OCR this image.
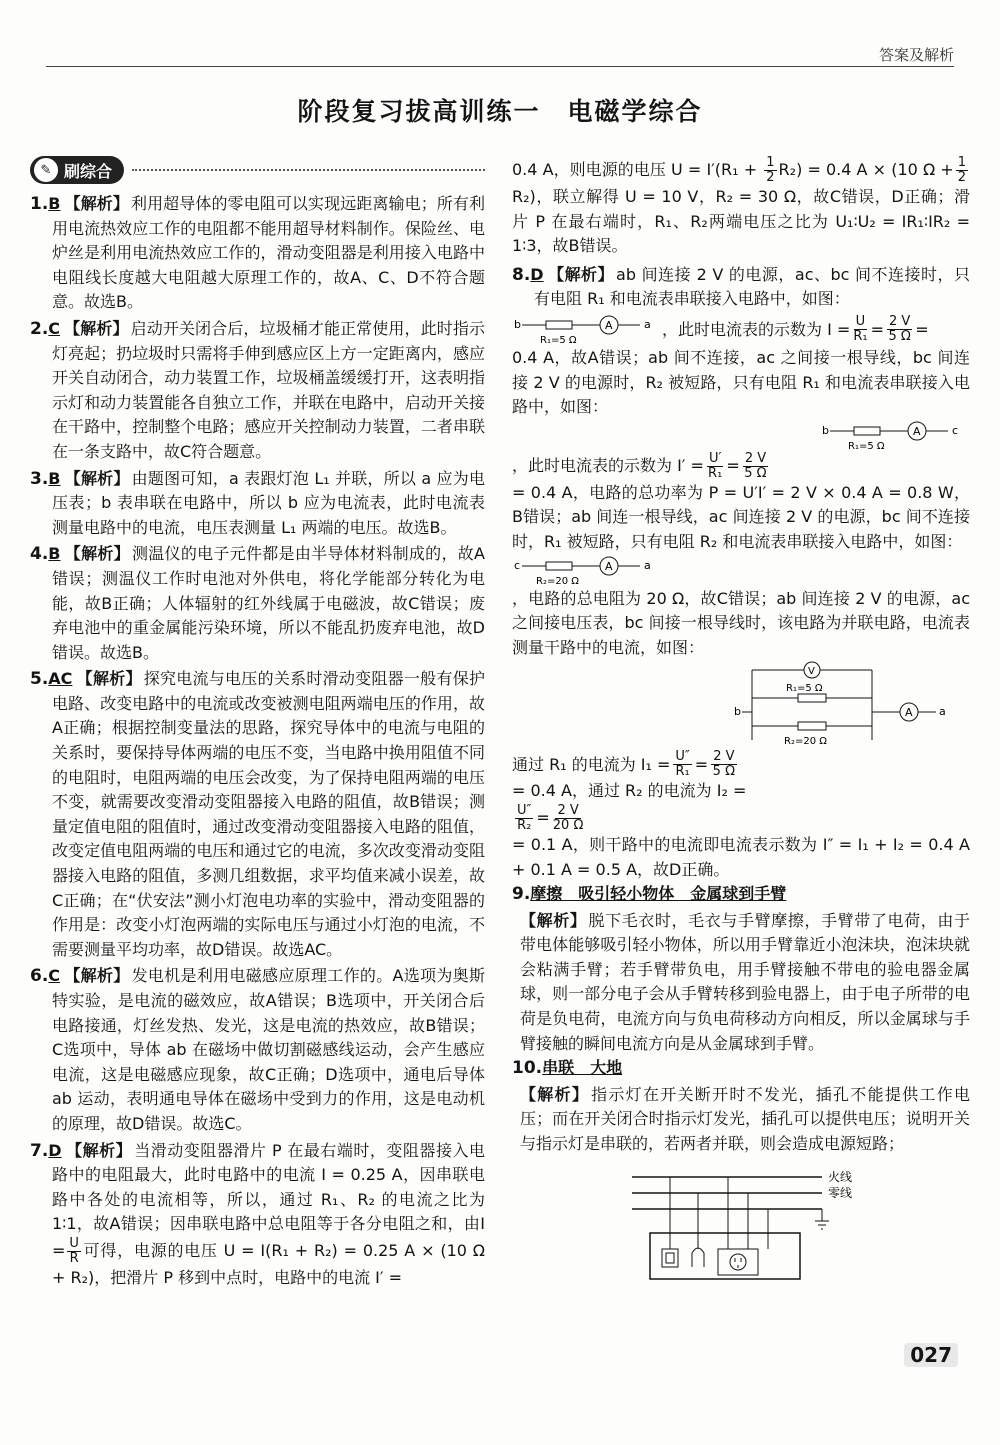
答案及解析
阶段复习拔高训练一　电磁学综合
✎ 刷综合
1.B 【解析】 利用超导体的零电阻可以实现远距离输电；所有利用电流热效应工作的电阻都不能用超导材料制作。保险丝、电炉丝是利用电流热效应工作的，滑动变阻器是利用接入电路中电阻线长度越大电阻越大原理工作的，故A、C、D不符合题意。故选B。
2.C 【解析】 启动开关闭合后，垃圾桶才能正常使用，此时指示灯亮起；扔垃圾时只需将手伸到感应区上方一定距离内，感应开关自动闭合，动力装置工作，垃圾桶盖缓缓打开，这表明指示灯和动力装置能各自独立工作，并联在电路中，启动开关接在干路中，控制整个电路；感应开关控制动力装置，二者串联在一条支路中，故C符合题意。
3.B 【解析】 由题图可知，a 表跟灯泡 L₁ 并联，所以 a 应为电压表；b 表串联在电路中，所以 b 应为电流表，此时电流表测量电路中的电流，电压表测量 L₁ 两端的电压。故选B。
4.B 【解析】 测温仪的电子元件都是由半导体材料制成的，故A错误；测温仪工作时电池对外供电，将化学能部分转化为电能，故B正确；人体辐射的红外线属于电磁波，故C错误；废弃电池中的重金属能污染环境，所以不能乱扔废弃电池，故D错误。故选B。
5.AC 【解析】 探究电流与电压的关系时滑动变阻器一般有保护电路、改变电路中的电流或改变被测电阻两端电压的作用，故A正确；根据控制变量法的思路，探究导体中的电流与电阻的关系时，要保持导体两端的电压不变，当电路中换用阻值不同的电阻时，电阻两端的电压会改变，为了保持电阻两端的电压不变，就需要改变滑动变阻器接入电路的阻值，故B错误；测量定值电阻的阻值时，通过改变滑动变阻器接入电路的阻值，改变定值电阻两端的电压和通过它的电流，多次改变滑动变阻器接入电路的阻值，多测几组数据，求平均值来减小误差，故C正确；在“伏安法”测小灯泡电功率的实验中，滑动变阻器的作用是：改变小灯泡两端的实际电压与通过小灯泡的电流，不需要测量平均功率，故D错误。故选AC。
6.C 【解析】 发电机是利用电磁感应原理工作的。A选项为奥斯特实验，是电流的磁效应，故A错误；B选项中，开关闭合后电路接通，灯丝发热、发光，这是电流的热效应，故B错误；C选项中，导体 ab 在磁场中做切割磁感线运动，会产生感应电流，这是电磁感应现象，故C正确；D选项中，通电后导体 ab 运动，表明通电导体在磁场中受到力的作用，这是电动机的原理，故D错误。故选C。
7.D 【解析】 当滑动变阻器滑片 P 在最右端时，变阻器接入电路中的电阻最大，此时电路中的电流 I = 0.25 A，因串联电路中各处的电流相等，所以，通过 R₁、R₂ 的电流之比为1∶1，故A错误；因串联电路中总电阻等于各分电阻之和，由$I = \frac{U}{R}$ 可得，电源的电压 U = I(R₁ + R₂) = 0.25 A × (10 Ω + R₂)，把滑片 P 移到中点时，电路中的电流 I′ =
0.4 A，则电源的电压 $U = I'(R_1 + \frac{1}{2} R_2) = 0.4$ A × (10 $\Omega + \frac{1}{2}$
R₂)，联立解得 U = 10 V，R₂ = 30 Ω，故C错误，D正确；滑片 P 在最右端时，R₁、R₂两端电压之比为 U₁∶U₂ = IR₁∶IR₂ = 1∶3，故B错误。
8.D 【解析】 ab 间连接 2 V 的电源，ac、bc 间不连接时，只有电阻 R₁ 和电流表串联接入电路中，如图：
b	A	a
R₁=5 Ω
，此时电流表的示数为 $I = \frac{U}{\text{R₁}} = \frac{2 V}{5 \Omega}$ =
0.4 A，故A错误；ab 间不连接，ac 之间接一根导线，bc 间连接 2 V 的电源时，R₂ 被短路，只有电阻 R₁ 和电流表串联接入电路中，如图：
b	A	c
R₁=5 Ω
，此时电流表的示数为 $I' = \frac{U'}{\text{R₁}} = \frac{2 V}{5 \Omega}$
= 0.4 A，电路的总功率为 P = U′I′ = 2 V × 0.4 A = 0.8 W，B错误；ab 间连一根导线，ac 间连接 2 V 的电源，bc 间不连接时，R₁ 被短路，只有电阻 R₂ 和电流表串联接入电路中，如图：
c	A	a
R₂=20 Ω
，电路的总电阻为 20 Ω，故C错误；ab 间连接 2 V 的电源，ac 之间接电压表，bc 间接一根导线时，该电路为并联电路，电流表测量干路中的电流，如图：
V
R₁=5 Ω
R₂=20 Ω
b	A a
通过 R₁ 的电流为 $I_1 = \frac{U''}{\text{R₁}} = \frac{2 V}{5 \Omega}$
= 0.4 A，通过 R₂ 的电流为 I₂ =
$\frac{U''}{\text{R₂}} = \frac{2 V}{20 \Omega}$
= 0.1 A，则干路中的电流即电流表示数为 I″ = I₁ + I₂ = 0.4 A + 0.1 A = 0.5 A，故D正确。
9.摩擦　吸引轻小物体　金属球到手臂
【解析】 脱下毛衣时，毛衣与手臂摩擦，手臂带了电荷，由于带电体能够吸引轻小物体，所以用手臂靠近小泡沫块，泡沫块就会粘满手臂；若手臂带负电，用手臂接触不带电的验电器金属球，则一部分电子会从手臂转移到验电器上，由于电子所带的电荷是负电荷，电流方向与负电荷移动方向相反，所以金属球与手臂接触的瞬间电流方向是从金属球到手臂。
10.串联　大地
【解析】 指示灯在开关断开时不发光，插孔不能提供工作电压；而在开关闭合时指示灯发光，插孔可以提供电压；说明开关与指示灯是串联的，若两者并联，则会造成电源短路；
火线
零线
027
